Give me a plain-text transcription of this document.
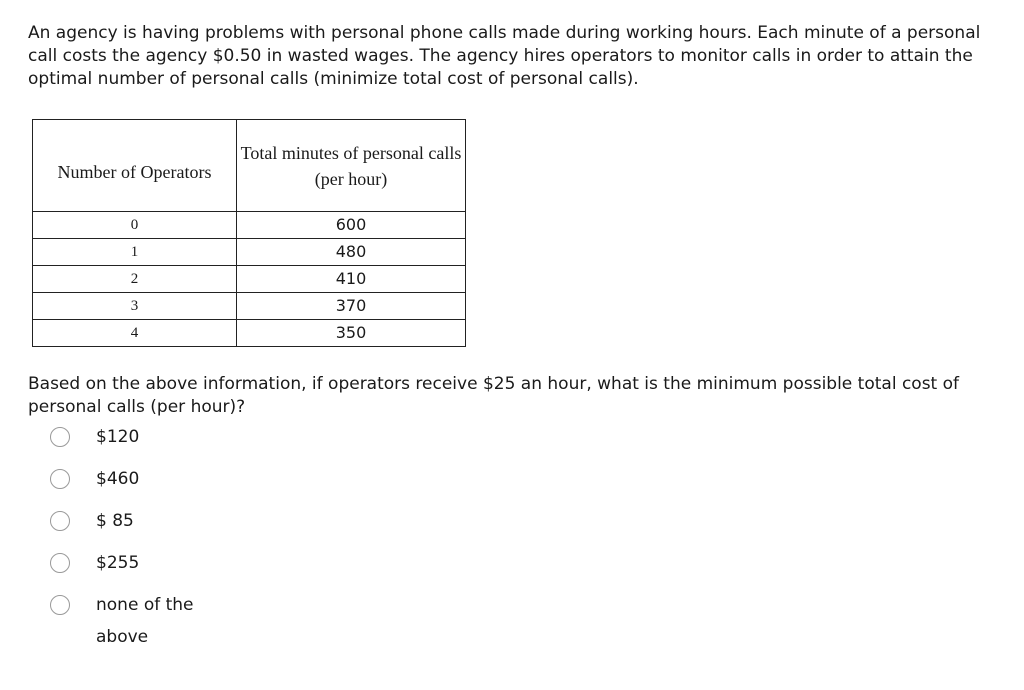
An agency is having problems with personal phone calls made during working hours. Each minute of a personal call costs the agency $0.50 in wasted wages. The agency hires operators to monitor calls in order to attain the optimal number of personal calls (minimize total cost of personal calls).

Number of Operators	Total minutes of personal calls (per hour)
0	600
1	480
2	410
3	370
4	350

Based on the above information, if operators receive $25 an hour, what is the minimum possible total cost of personal calls (per hour)?

$120
$460
$ 85
$255
none of the above
